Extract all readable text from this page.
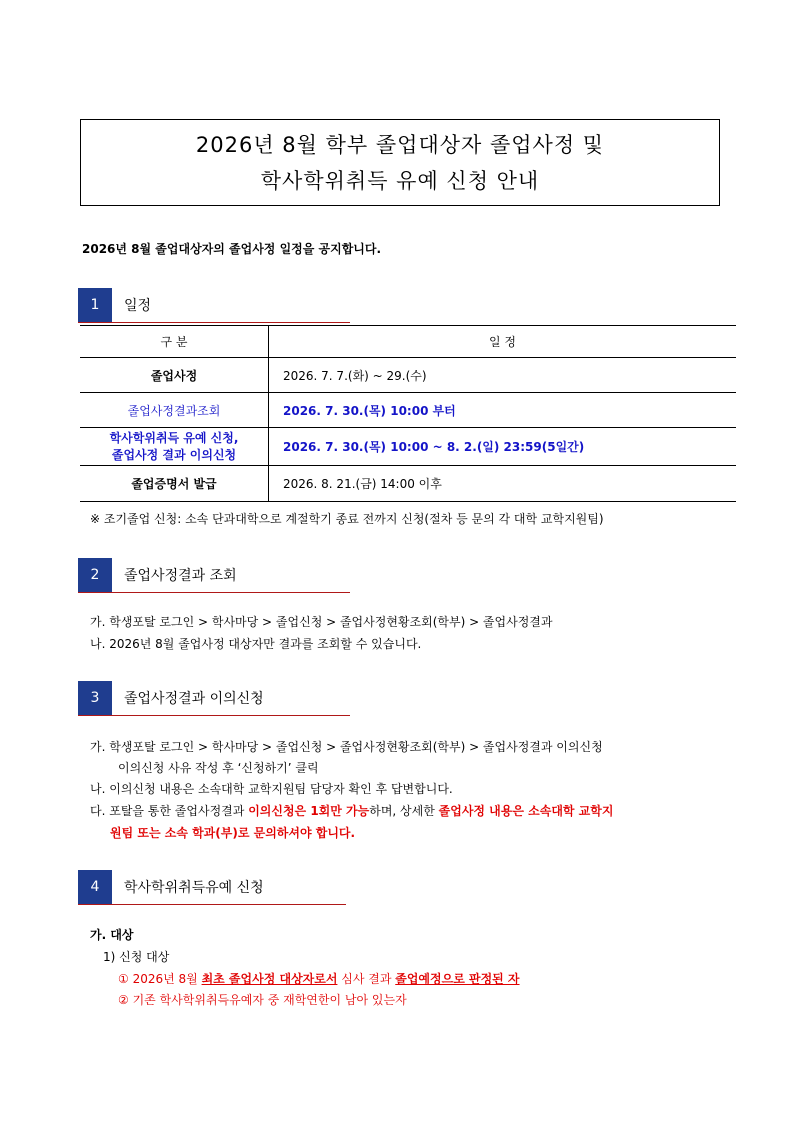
2026년 8월 학부 졸업대상자 졸업사정 및
학사학위취득 유예 신청 안내
2026년 8월 졸업대상자의 졸업사정 일정을 공지합니다.
1	일정
구 분	일 정
졸업사정	2026. 7. 7.(화) ~ 29.(수)
졸업사정결과조회	2026. 7. 30.(목) 10:00 부터
학사학위취득 유예 신청,
졸업사정 결과 이의신청	2026. 7. 30.(목) 10:00 ~ 8. 2.(일) 23:59(5일간)
졸업증명서 발급	2026. 8. 21.(금) 14:00 이후
※ 조기졸업 신청: 소속 단과대학으로 계절학기 종료 전까지 신청(절차 등 문의 각 대학 교학지원팀)
2	졸업사정결과 조회
가. 학생포탈 로그인 > 학사마당 > 졸업신청 > 졸업사정현황조회(학부) > 졸업사정결과
나. 2026년 8월 졸업사정 대상자만 결과를 조회할 수 있습니다.
3	졸업사정결과 이의신청
가. 학생포탈 로그인 > 학사마당 > 졸업신청 > 졸업사정현황조회(학부) > 졸업사정결과 이의신청
이의신청 사유 작성 후 ‘신청하기’ 클릭
나. 이의신청 내용은 소속대학 교학지원팀 담당자 확인 후 답변합니다.
다. 포탈을 통한 졸업사정결과 이의신청은 1회만 가능하며, 상세한 졸업사정 내용은 소속대학 교학지
원팀 또는 소속 학과(부)로 문의하셔야 합니다.
4	학사학위취득유예 신청
가. 대상
1) 신청 대상
① 2026년 8월 최초 졸업사정 대상자로서 심사 결과 졸업예정으로 판정된 자
② 기존 학사학위취득유예자 중 재학연한이 남아 있는자
